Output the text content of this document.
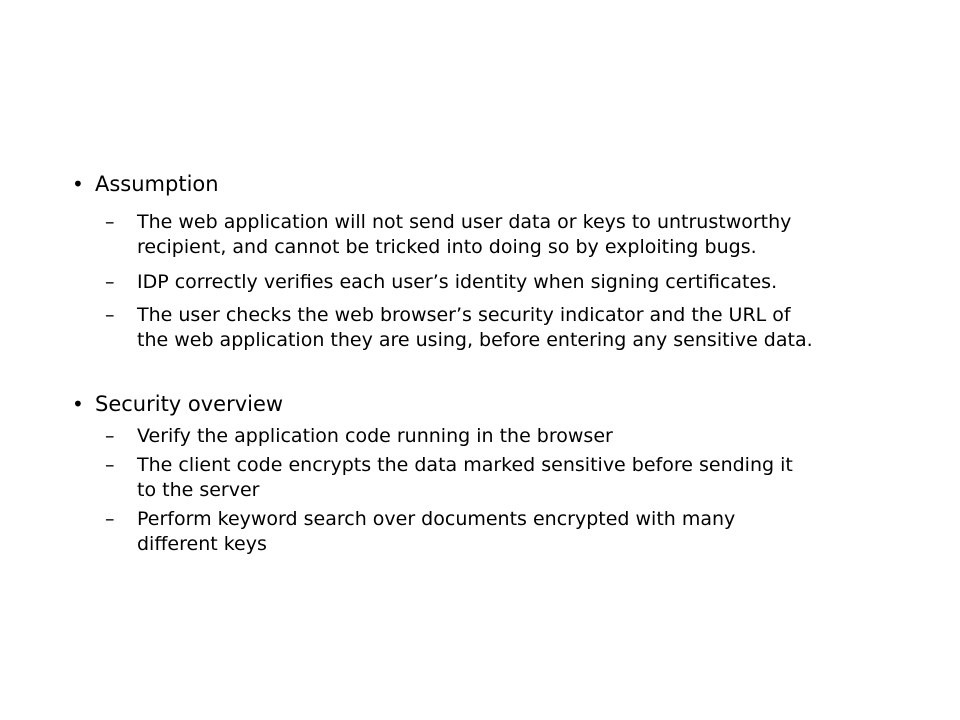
• Assumption
– The web application will not send user data or keys to untrustworthy
recipient, and cannot be tricked into doing so by exploiting bugs.
– IDP correctly verifies each user’s identity when signing certificates.
– The user checks the web browser’s security indicator and the URL of
the web application they are using, before entering any sensitive data.
• Security overview
– Verify the application code running in the browser
– The client code encrypts the data marked sensitive before sending it
to the server
– Perform keyword search over documents encrypted with many
different keys
